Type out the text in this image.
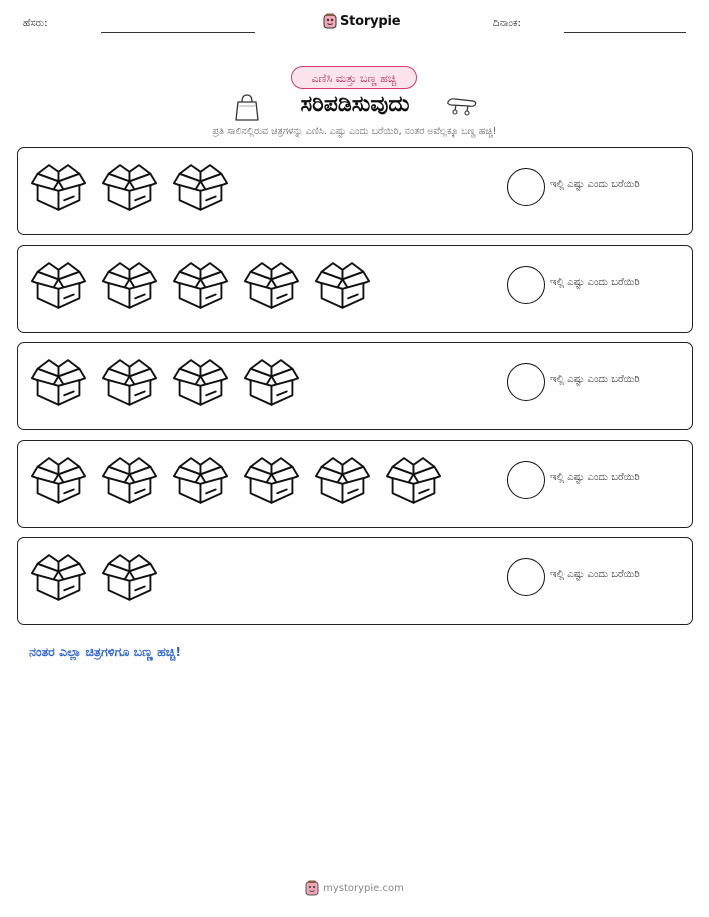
ಹೆಸರು:	Storypie	ದಿನಾಂಕ:
ಎಣಿಸಿ ಮತ್ತು ಬಣ್ಣ ಹಚ್ಚಿ
ಸರಿಪಡಿಸುವುದು
ಪ್ರತಿ ಸಾಲಿನಲ್ಲಿರುವ ಚಿತ್ರಗಳನ್ನು ಎಣಿಸಿ. ಎಷ್ಟು ಎಂದು ಬರೆಯಿರಿ, ನಂತರ ಅವೆಲ್ಲಕ್ಕೂ ಬಣ್ಣ ಹಚ್ಚಿ!
ಇಲ್ಲಿ ಎಷ್ಟು ಎಂದು ಬರೆಯಿರಿ
ಇಲ್ಲಿ ಎಷ್ಟು ಎಂದು ಬರೆಯಿರಿ
ಇಲ್ಲಿ ಎಷ್ಟು ಎಂದು ಬರೆಯಿರಿ
ಇಲ್ಲಿ ಎಷ್ಟು ಎಂದು ಬರೆಯಿರಿ
ಇಲ್ಲಿ ಎಷ್ಟು ಎಂದು ಬರೆಯಿರಿ
ನಂತರ ಎಲ್ಲಾ ಚಿತ್ರಗಳಿಗೂ ಬಣ್ಣ ಹಚ್ಚಿ!
mystorypie.com
